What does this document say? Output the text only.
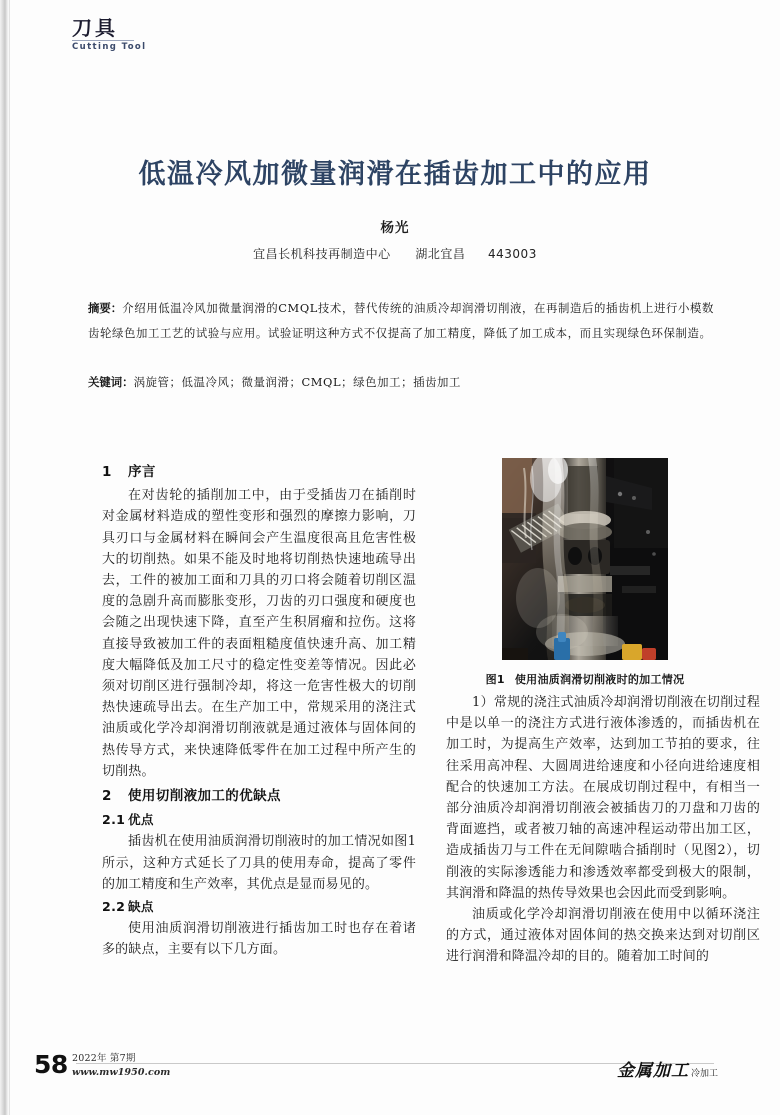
刀具
Cutting Tool
低温冷风加微量润滑在插齿加工中的应用
杨光
宜昌长机科技再制造中心 湖北宜昌 443003
摘要：介绍用低温冷风加微量润滑的CMQL技术，替代传统的油质冷却润滑切削液，在再制造后的插齿机上进行小模数齿轮绿色加工工艺的试验与应用。试验证明这种方式不仅提高了加工精度，降低了加工成本，而且实现绿色环保制造。
关键词：涡旋管；低温冷风；微量润滑；CMQL；绿色加工；插齿加工
1 序言

在对齿轮的插削加工中，由于受插齿刀在插削时对金属材料造成的塑性变形和强烈的摩擦力影响，刀具刃口与金属材料在瞬间会产生温度很高且危害性极大的切削热。如果不能及时地将切削热快速地疏导出去，工件的被加工面和刀具的刃口将会随着切削区温度的急剧升高而膨胀变形，刀齿的刃口强度和硬度也会随之出现快速下降，直至产生积屑瘤和拉伤。这将直接导致被加工件的表面粗糙度值快速升高、加工精度大幅降低及加工尺寸的稳定性变差等情况。因此必须对切削区进行强制冷却，将这一危害性极大的切削热快速疏导出去。在生产加工中，常规采用的浇注式油质或化学冷却润滑切削液就是通过液体与固体间的热传导方式，来快速降低零件在加工过程中所产生的切削热。

2 使用切削液加工的优缺点
2.1 优点

插齿机在使用油质润滑切削液时的加工情况如图1所示，这种方式延长了刀具的使用寿命，提高了零件的加工精度和生产效率，其优点是显而易见的。

2.2 缺点

使用油质润滑切削液进行插齿加工时也存在着诸多的缺点，主要有以下几方面。

图1 使用油质润滑切削液时的加工情况

1）常规的浇注式油质冷却润滑切削液在切削过程中是以单一的浇注方式进行液体渗透的，而插齿机在加工时，为提高生产效率，达到加工节拍的要求，往往采用高冲程、大圆周进给速度和小径向进给速度相配合的快速加工方法。在展成切削过程中，有相当一部分油质冷却润滑切削液会被插齿刀的刀盘和刀齿的背面遮挡，或者被刀轴的高速冲程运动带出加工区，造成插齿刀与工件在无间隙啮合插削时（见图2），切削液的实际渗透能力和渗透效率都受到极大的限制，其润滑和降温的热传导效果也会因此而受到影响。

油质或化学冷却润滑切削液在使用中以循环浇注的方式，通过液体对固体间的热交换来达到对切削区进行润滑和降温冷却的目的。随着加工时间的

58 2022年 第7期
www.mw1950.com	金属加工 冷加工
